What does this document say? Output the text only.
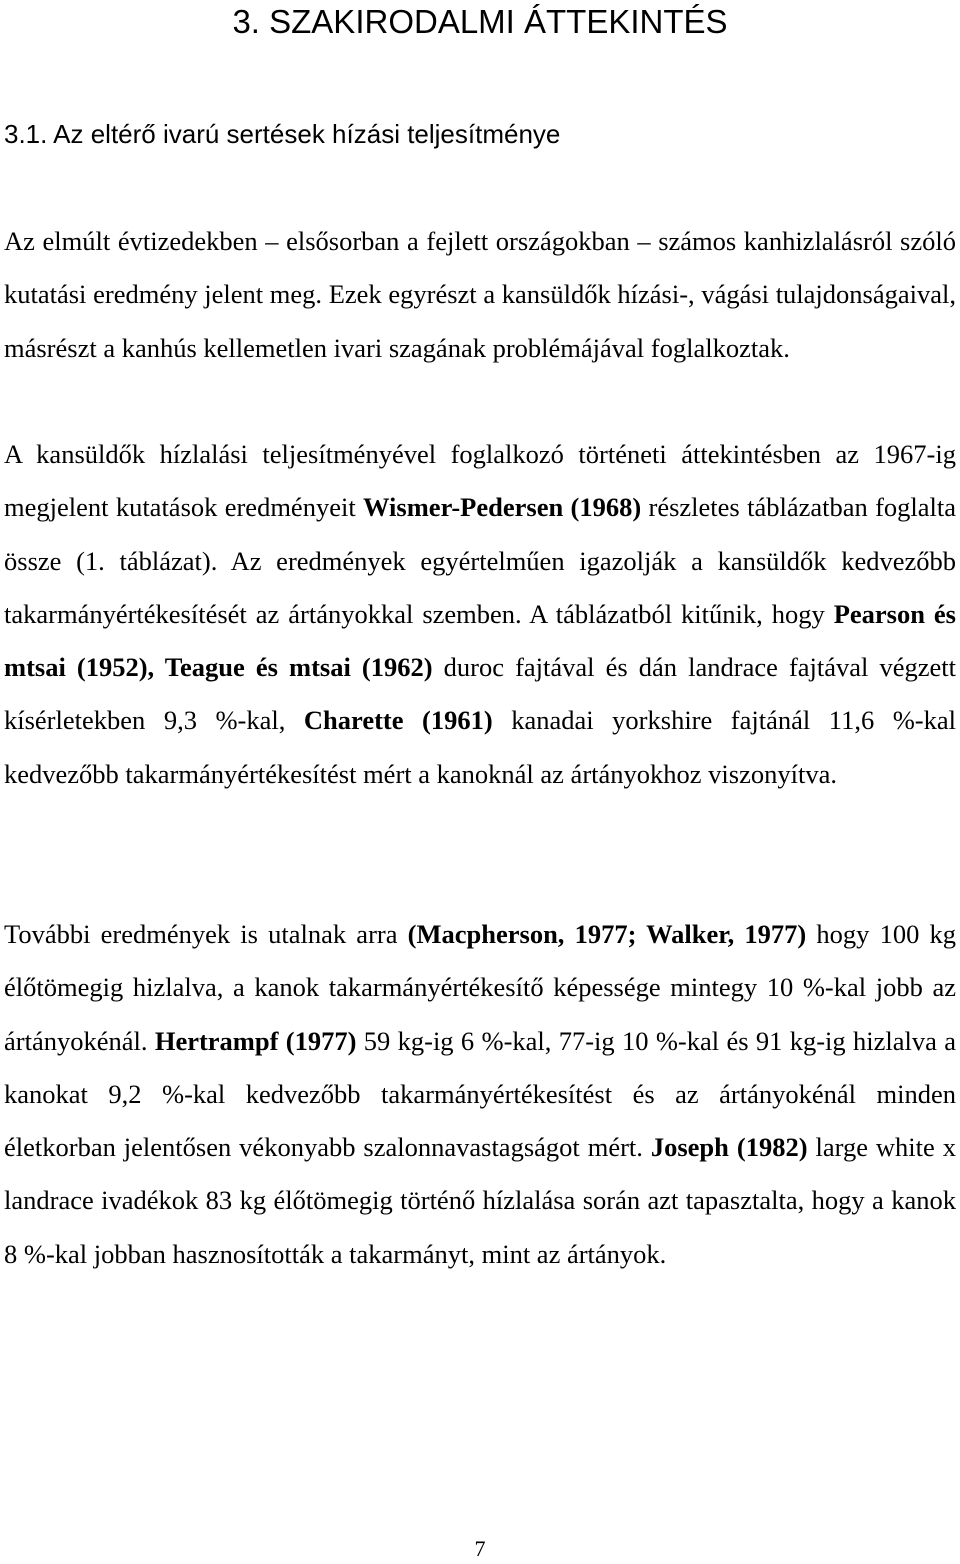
3. SZAKIRODALMI ÁTTEKINTÉS
3.1. Az eltérő ivarú sertések hízási teljesítménye

Az elmúlt évtizedekben – elsősorban a fejlett országokban – számos kanhizlalásról szóló kutatási eredmény jelent meg. Ezek egyrészt a kansüldők hízási-, vágási tulajdonságaival, másrészt a kanhús kellemetlen ivari szagának problémájával foglalkoztak.

A kansüldők hízlalási teljesítményével foglalkozó történeti áttekintésben az 1967-ig megjelent kutatások eredményeit Wismer-Pedersen (1968) részletes táblázatban foglalta össze (1. táblázat). Az eredmények egyértelműen igazolják a kansüldők kedvezőbb takarmányértékesítését az ártányokkal szemben. A táblázatból kitűnik, hogy Pearson és mtsai (1952), Teague és mtsai (1962) duroc fajtával és dán landrace fajtával végzett kísérletekben 9,3 %-kal, Charette (1961) kanadai yorkshire fajtánál 11,6 %-kal kedvezőbb takarmányértékesítést mért a kanoknál az ártányokhoz viszonyítva.

További eredmények is utalnak arra (Macpherson, 1977; Walker, 1977) hogy 100 kg élőtömegig hizlalva, a kanok takarmányértékesítő képessége mintegy 10 %-kal jobb az ártányokénál. Hertrampf (1977) 59 kg-ig 6 %-kal, 77-ig 10 %-kal és 91 kg-ig hizlalva a kanokat 9,2 %-kal kedvezőbb takarmányértékesítést és az ártányokénál minden életkorban jelentősen vékonyabb szalonnavastagságot mért. Joseph (1982) large white x landrace ivadékok 83 kg élőtömegig történő hízlalása során azt tapasztalta, hogy a kanok 8 %-kal jobban hasznosították a takarmányt, mint az ártányok.

7
